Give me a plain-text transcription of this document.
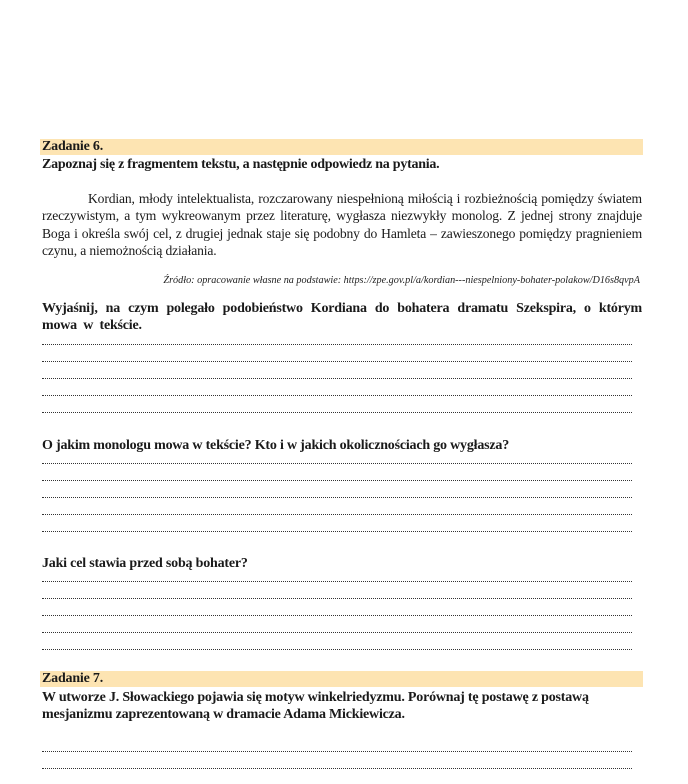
Zadanie 6.
Zapoznaj się z fragmentem tekstu, a następnie odpowiedz na pytania.
Kordian, młody intelektualista, rozczarowany niespełnioną miłością i rozbieżnością pomiędzy światem rzeczywistym, a tym wykreowanym przez literaturę, wygłasza niezwykły monolog. Z jednej strony znajduje Boga i określa swój cel, z drugiej jednak staje się podobny do Hamleta – zawieszonego pomiędzy pragnieniem czynu, a niemożnością działania.
Źródło: opracowanie własne na podstawie: https://zpe.gov.pl/a/kordian---niespelniony-bohater-polakow/D16s8qvpA
Wyjaśnij, na czym polegało podobieństwo Kordiana do bohatera dramatu Szekspira, o którym mowa w tekście.
O jakim monologu mowa w tekście? Kto i w jakich okolicznościach go wygłasza?
Jaki cel stawia przed sobą bohater?
Zadanie 7.
W utworze J. Słowackiego pojawia się motyw winkelriedyzmu. Porównaj tę postawę z postawą mesjanizmu zaprezentowaną w dramacie Adama Mickiewicza.
